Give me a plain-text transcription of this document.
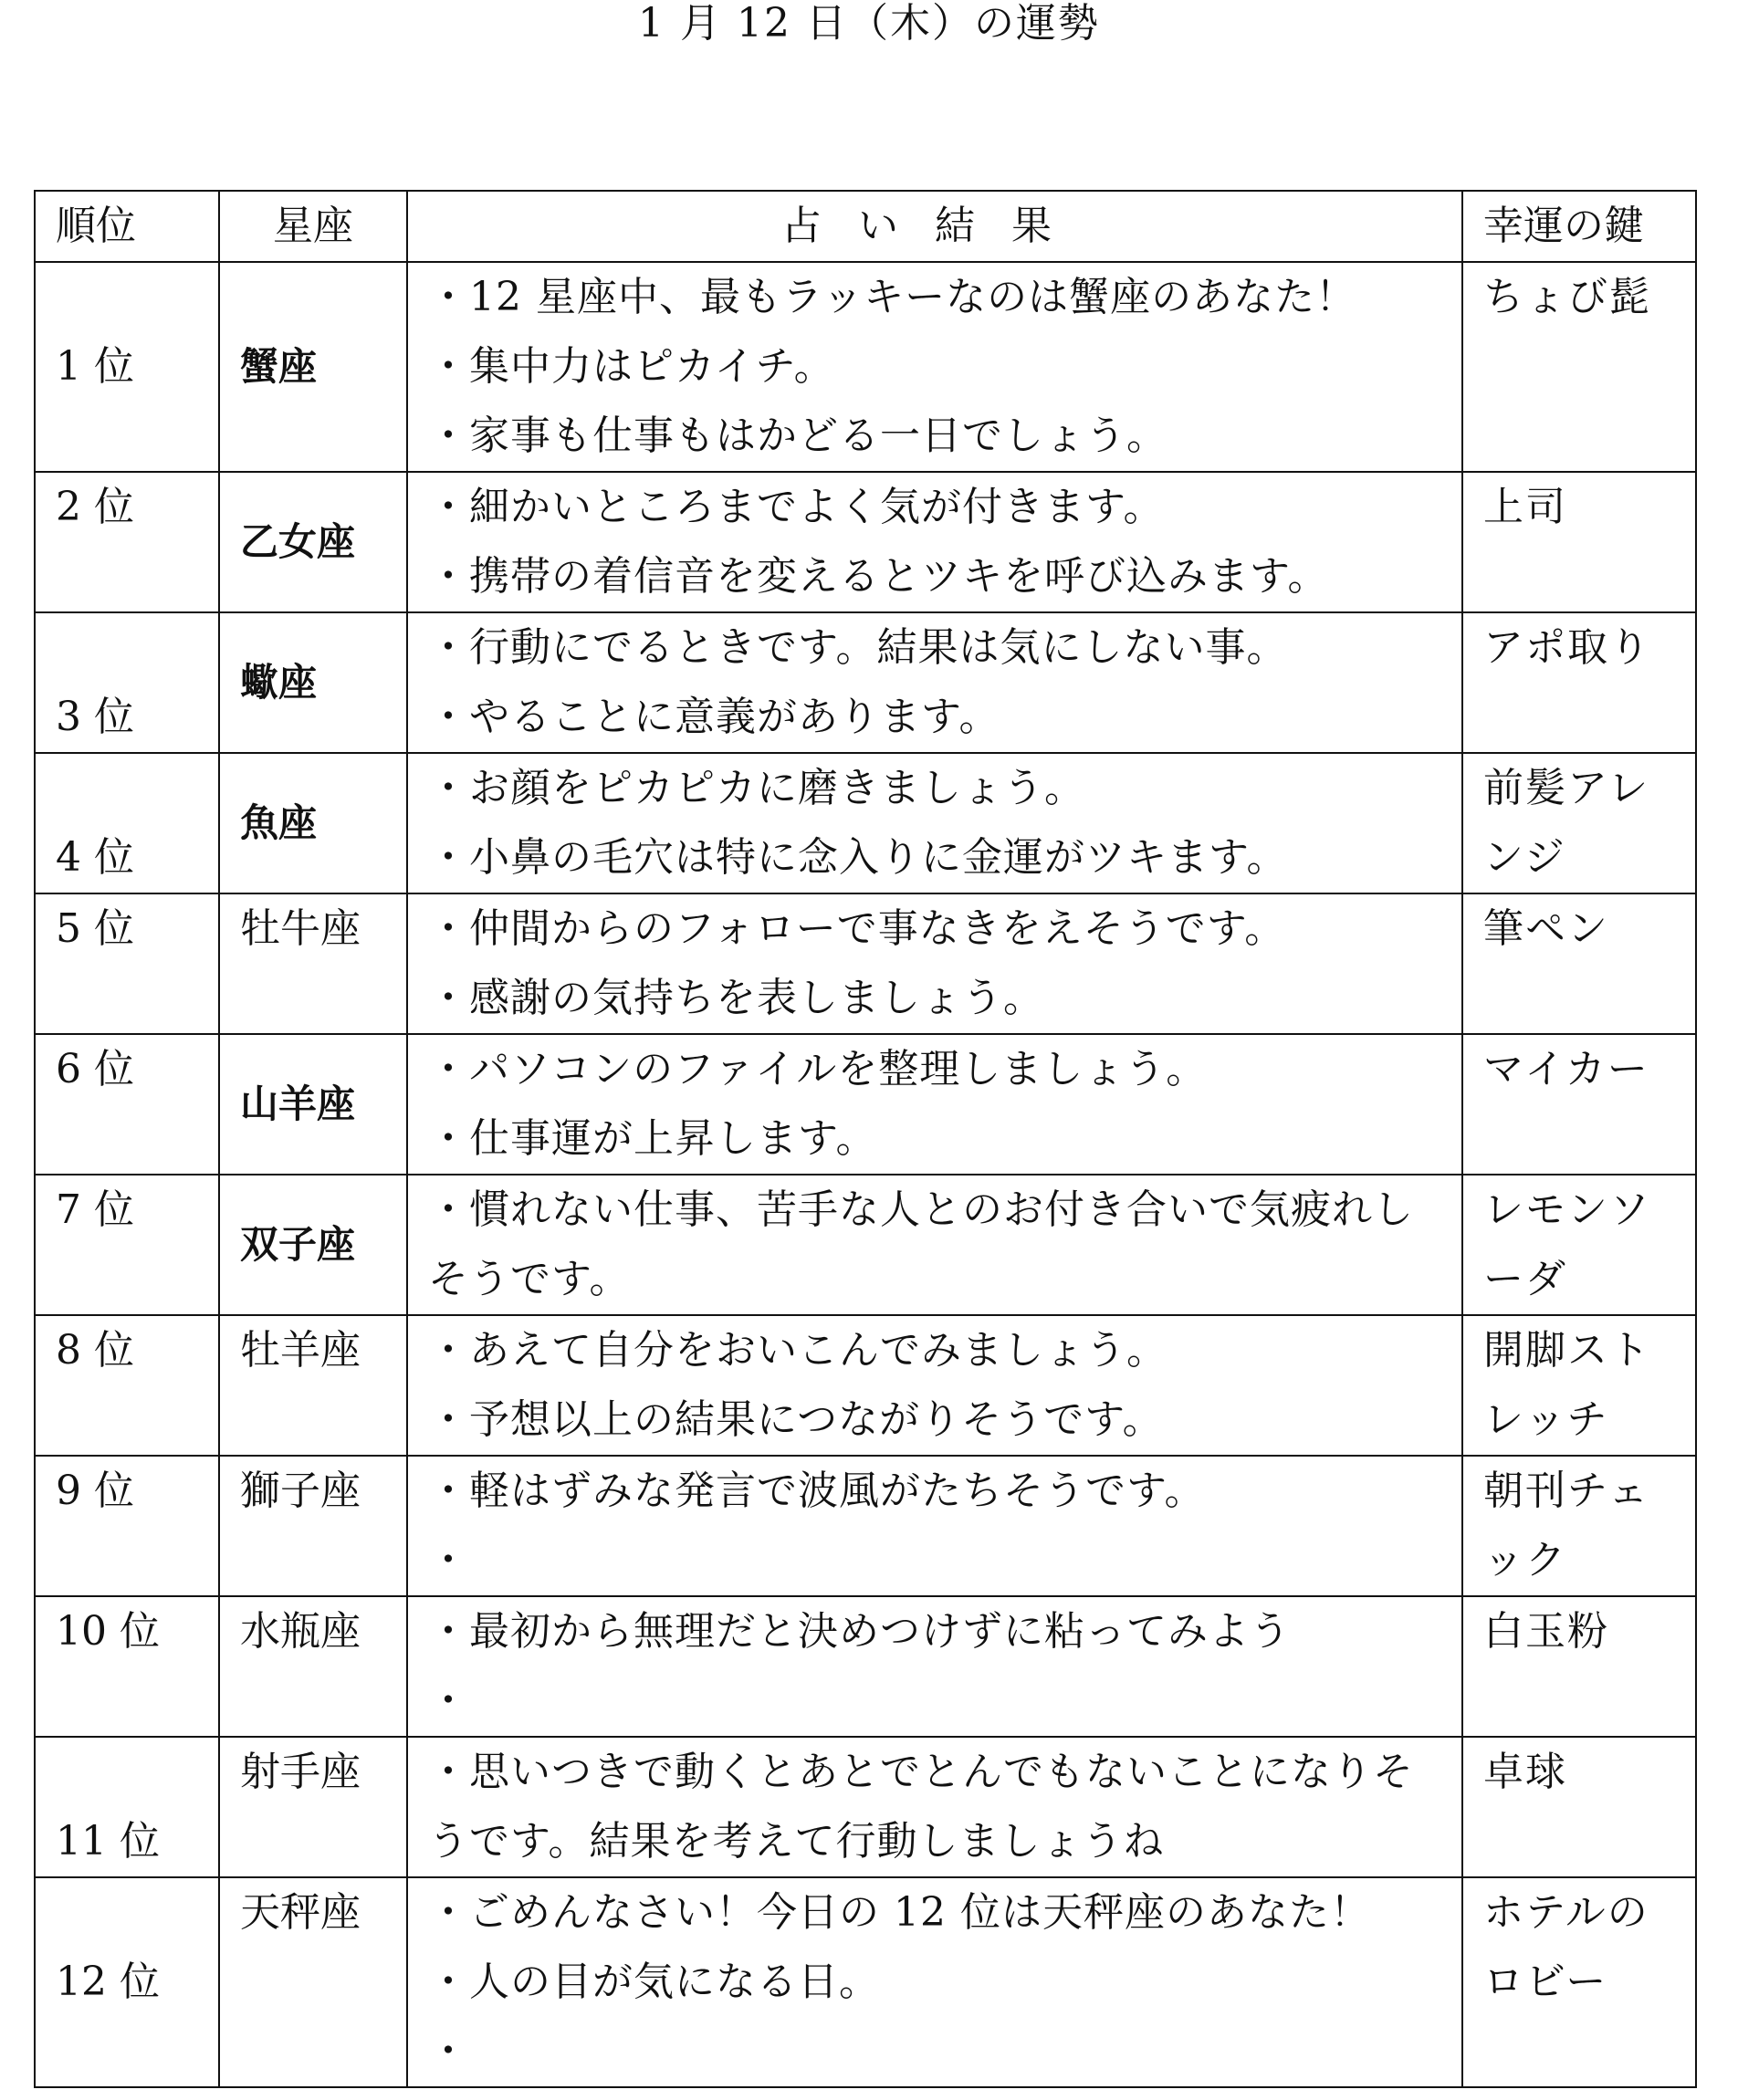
1 月 12 日（木）の運勢
順位	星座	占い結果	幸運の鍵
1 位	蟹座	・12 星座中、最もラッキーなのは蟹座のあなた！
・集中力はピカイチ。
・家事も仕事もはかどる一日でしょう。	ちょび髭
2 位	乙女座	・細かいところまでよく気が付きます。
・携帯の着信音を変えるとツキを呼び込みます。	上司
3 位	蠍座	・行動にでるときです。結果は気にしない事。
・やることに意義があります。	アポ取り
4 位	魚座	・お顔をピカピカに磨きましょう。
・小鼻の毛穴は特に念入りに金運がツキます。	前髪アレンジ
5 位	牡牛座	・仲間からのフォローで事なきをえそうです。
・感謝の気持ちを表しましょう。	筆ペン
6 位	山羊座	・パソコンのファイルを整理しましょう。
・仕事運が上昇します。	マイカー
7 位	双子座	・慣れない仕事、苦手な人とのお付き合いで気疲れしそうです。	レモンソーダ
8 位	牡羊座	・あえて自分をおいこんでみましょう。
・予想以上の結果につながりそうです。	開脚ストレッチ
9 位	獅子座	・軽はずみな発言で波風がたちそうです。
・	朝刊チェック
10 位	水瓶座	・最初から無理だと決めつけずに粘ってみよう
・	白玉粉
11 位	射手座	・思いつきで動くとあとでとんでもないことになりそうです。結果を考えて行動しましょうね	卓球
12 位	天秤座	・ごめんなさい！今日の 12 位は天秤座のあなた！
・人の目が気になる日。
・	ホテルのロビー
